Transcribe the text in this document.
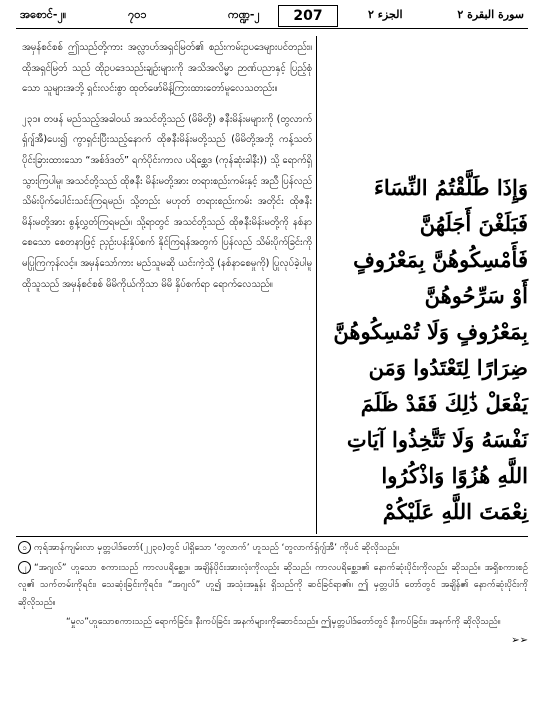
အစောင်-၂။	၇၀၁	ကဏ္ဍ-၂	207	الجزء ٢	سورة البقرة ٢

အမှန်စင်စစ် ဤသည်တို့ကား အလ္လာဟ်အရှင်မြတ်၏ စည်းကမ်းဥပဒေများပင်တည်း။ ထိုအရှင်မြတ် သည် ထိုဥပဒေသည်းချဉ်းများကို အသိအလိမ္မာ ဉာဏ်ပညာနှင့် ပြည့်စုံသော သူများအဘို့ ရှင်းလင်းစွာ ထုတ်ဖော်မိန့်ကြားထားတော်မူလေသတည်း။

၂၃၁။ တဖန် မည်သည့်အခါဝယ် အသင်တို့သည် (မိမိတို့) ဇနီးမိန်းမများကို (တွလာက်ရှ်ဂျ်အီ)ပေး၍ ကွာရှင်းပြီးသည့်နောက် ထိုဇနီးမိန်းမတို့သည် (မိမိတို့အဘို့ ကန့်သတ် ပိုင်းခြားထားသော “အစ်ဒ်ဒတ်” ရက်ပိုင်းကာလ ပရိစ္ဆေဒ (ကုန်ဆုံးခါနီး)) သို့ ရောက်ရှိသွားကြပါမူ၊ အသင်တို့သည် ထိုဇနီး မိန်းမတို့အား တရားစည်းကမ်းနှင့် အညီ ပြန်လည်သိမ်းပိုက်ပေါင်းသင်းကြရမည်၊ သို့တည်း မဟုတ် တရားစည်းကမ်း အတိုင်း ထိုဇနီး မိန်းမတို့အား စွန့်လွှတ်ကြရမည်။ သို့ရာတွင် အသင်တို့သည် ထိုဇနီးမိန်းမတို့ကို နစ်နာစေသော စေတနာဖြင့် ညှဉ်းပန်းနှိပ်စက် နိုင်ကြရန်အတွက် ပြန်လည် သိမ်းပိုက်ခြင်းကို မပြုကြကုန်လင့်။ အမှန်သော်ကား မည်သူမဆို ယင်းကဲ့သို့ (နစ်နာစေမှုကို) ပြုလုပ်ခဲ့ပါမူ ထိုသူသည် အမှန်စင်စစ် မိမိကိုယ်ကိုသာ မိမိ နှိပ်စက်ရာ ရောက်လေသည်။

وَإِذَا طَلَّقْتُمُ النِّسَاءَ

فَبَلَغْنَ أَجَلَهُنَّ

فَأَمْسِكُوهُنَّ بِمَعْرُوفٍ

أَوْ سَرِّحُوهُنَّ

بِمَعْرُوفٍ وَلَا تُمْسِكُوهُنَّ

ضِرَارًا لِتَعْتَدُوا وَمَن

يَفْعَلْ ذَٰلِكَ فَقَدْ ظَلَمَ

نَفْسَهُ وَلَا تَتَّخِذُوا آيَاتِ

اللَّهِ هُزُوًا وَاذْكُرُوا

نِعْمَتَ اللَّهِ عَلَيْكُمْ

၁ ကုရ်အာန်ကျမ်းလာ မှတ္တပါဒ်တော်(၂၂၃၀)တွင် ပါရှိသော ‘တွလာက်’ ဟူသည် ‘တွလာက်ရှ်ဂျ်အီ’ ကိုပင် ဆိုလိုသည်။

၂ “အဂျလ်” ဟူသော စကားသည် ကာလပရိစ္ဆေဒ၊ အချိန်ပိုင်းအားလုံးကိုလည်း ဆိုသည်၊ ကာလပရိစ္ဆေဒ၏ နောက်ဆုံးပိုင်းကိုလည်း ဆိုသည်။ အရှိစကားစဉ် လူ၏ သက်တမ်းကိုရင်း၊ သေဆုံးခြင်းကိုရင်း၊ “အဂျလ်” ဟူ၍ အသုံးအနှုန်း ရှိသည်ကို ဆင်ခြင်ရာ၏။ ဤ မှတ္တပါဒ် တော်တွင် အချိန်၏ နောက်ဆုံးပိုင်းကို ဆိုလိုသည်။

“မှုလ”ဟူသောစကားသည် ရောက်ခြင်း၊ နီးကပ်ခြင်း အနက်များကိုဆောင်သည်။ ဤမှတ္တပါဒ်တော်တွင် နီးကပ်ခြင်း၊ အနက်ကို ဆိုလိုသည်။
➢➢
